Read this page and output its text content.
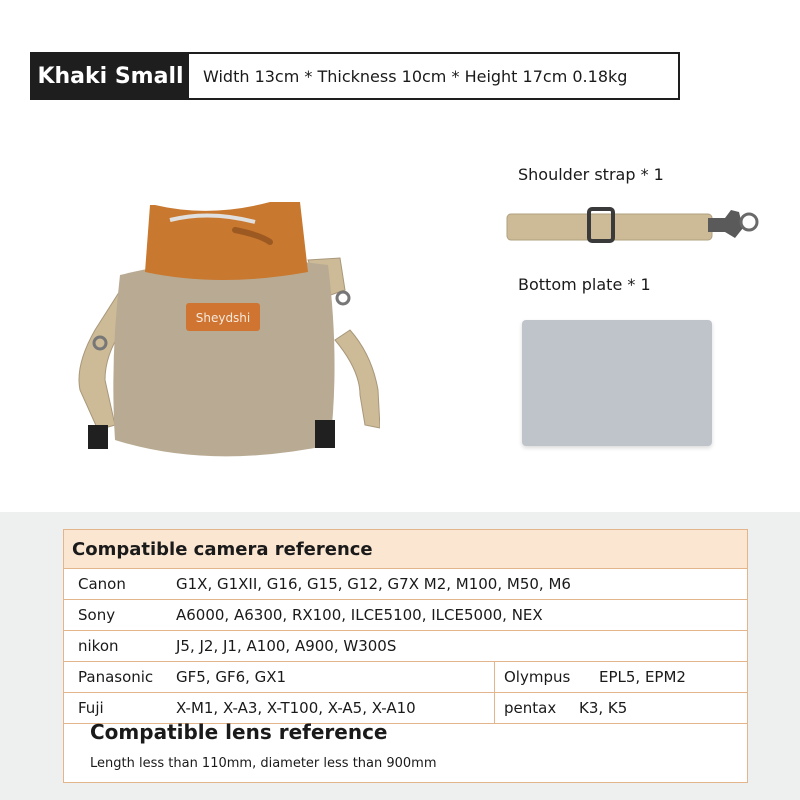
Khaki Small	Width 13cm * Thickness 10cm * Height 17cm 0.18kg
Sheydshi
Shoulder strap * 1
Bottom plate * 1
Compatible camera reference
Canon	G1X, G1XII, G16, G15, G12, G7X M2, M100, M50, M6
Sony	A6000, A6300, RX100, ILCE5100, ILCE5000, NEX
nikon	J5, J2, J1, A100, A900, W300S
Panasonic GF5, GF6, GX1	Olympus EPL5, EPM2
Fuji	X-M1, X-A3, X-T100, X-A5, X-A10	pentax K3, K5
Compatible lens reference
Length less than 110mm, diameter less than 900mm
